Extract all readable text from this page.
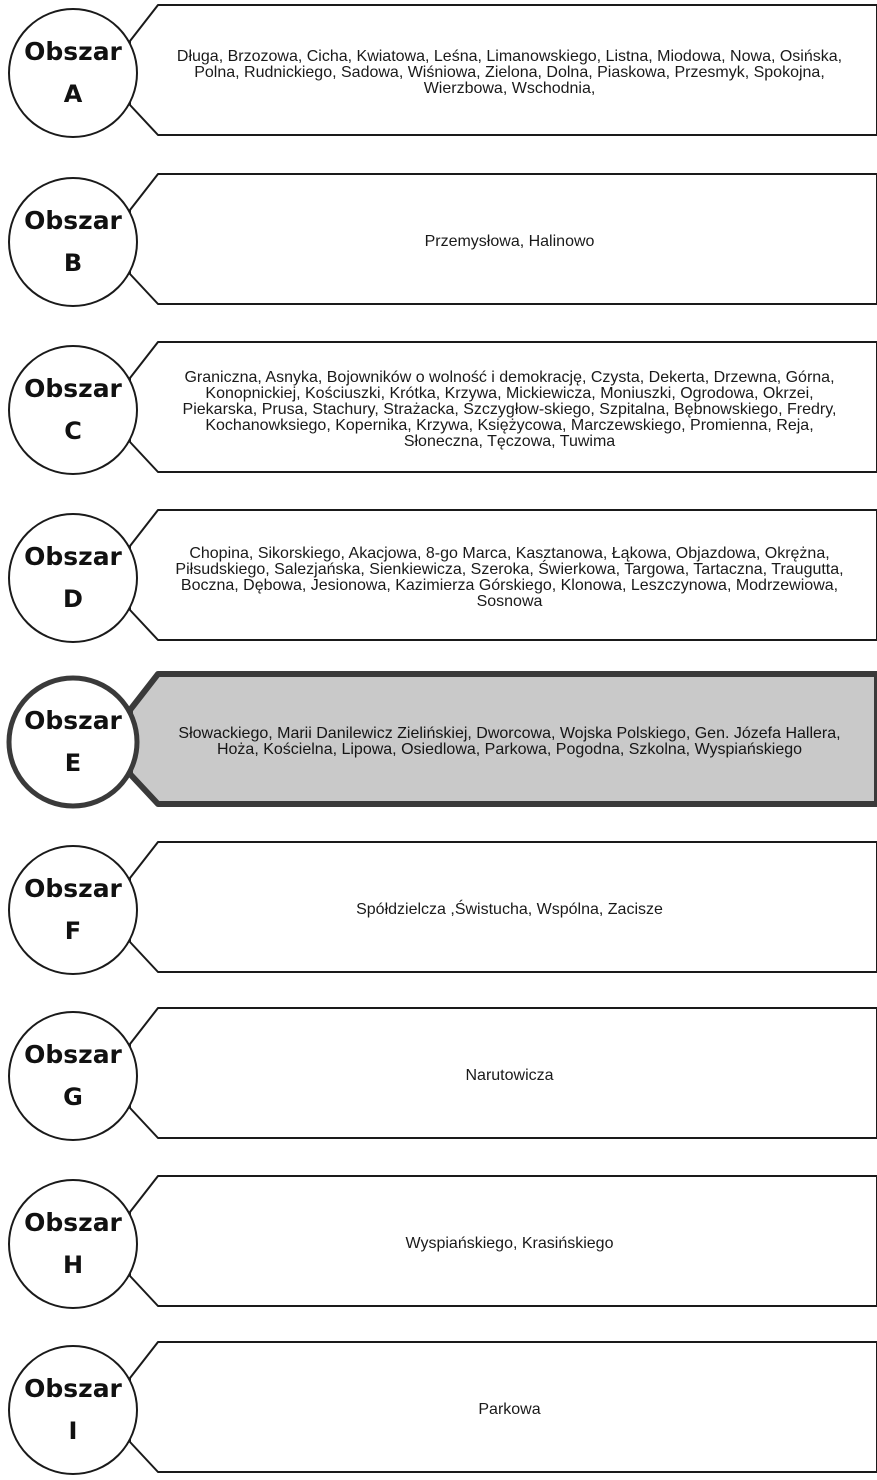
Obszar
A
Długa, Brzozowa, Cicha, Kwiatowa, Leśna, Limanowskiego, Listna, Miodowa, Nowa, Osińska, Polna, Rudnickiego, Sadowa, Wiśniowa, Zielona, Dolna, Piaskowa, Przesmyk, Spokojna, Wierzbowa, Wschodnia,
Obszar
B
Przemysłowa, Halinowo
Obszar
C
Graniczna, Asnyka, Bojowników o wolność i demokrację, Czysta, Dekerta, Drzewna, Górna, Konopnickiej, Kościuszki, Krótka, Krzywa, Mickiewicza, Moniuszki, Ogrodowa, Okrzei, Piekarska, Prusa, Stachury, Strażacka, Szczygłow-skiego, Szpitalna, Bębnowskiego, Fredry, Kochanowksiego, Kopernika, Krzywa, Księżycowa, Marczewskiego, Promienna, Reja, Słoneczna, Tęczowa, Tuwima
Obszar
D
Chopina, Sikorskiego, Akacjowa, 8-go Marca, Kasztanowa, Łąkowa, Objazdowa, Okrężna, Piłsudskiego, Salezjańska, Sienkiewicza, Szeroka, Świerkowa, Targowa, Tartaczna, Traugutta, Boczna, Dębowa, Jesionowa, Kazimierza Górskiego, Klonowa, Leszczynowa, Modrzewiowa, Sosnowa
Obszar
E
Słowackiego, Marii Danilewicz Zielińskiej, Dworcowa, Wojska Polskiego, Gen. Józefa Hallera, Hoża, Kościelna, Lipowa, Osiedlowa, Parkowa, Pogodna, Szkolna, Wyspiańskiego
Obszar
F
Spółdzielcza ,Świstucha, Wspólna, Zacisze
Obszar
G
Narutowicza
Obszar
H
Wyspiańskiego, Krasińskiego
Obszar
I
Parkowa
